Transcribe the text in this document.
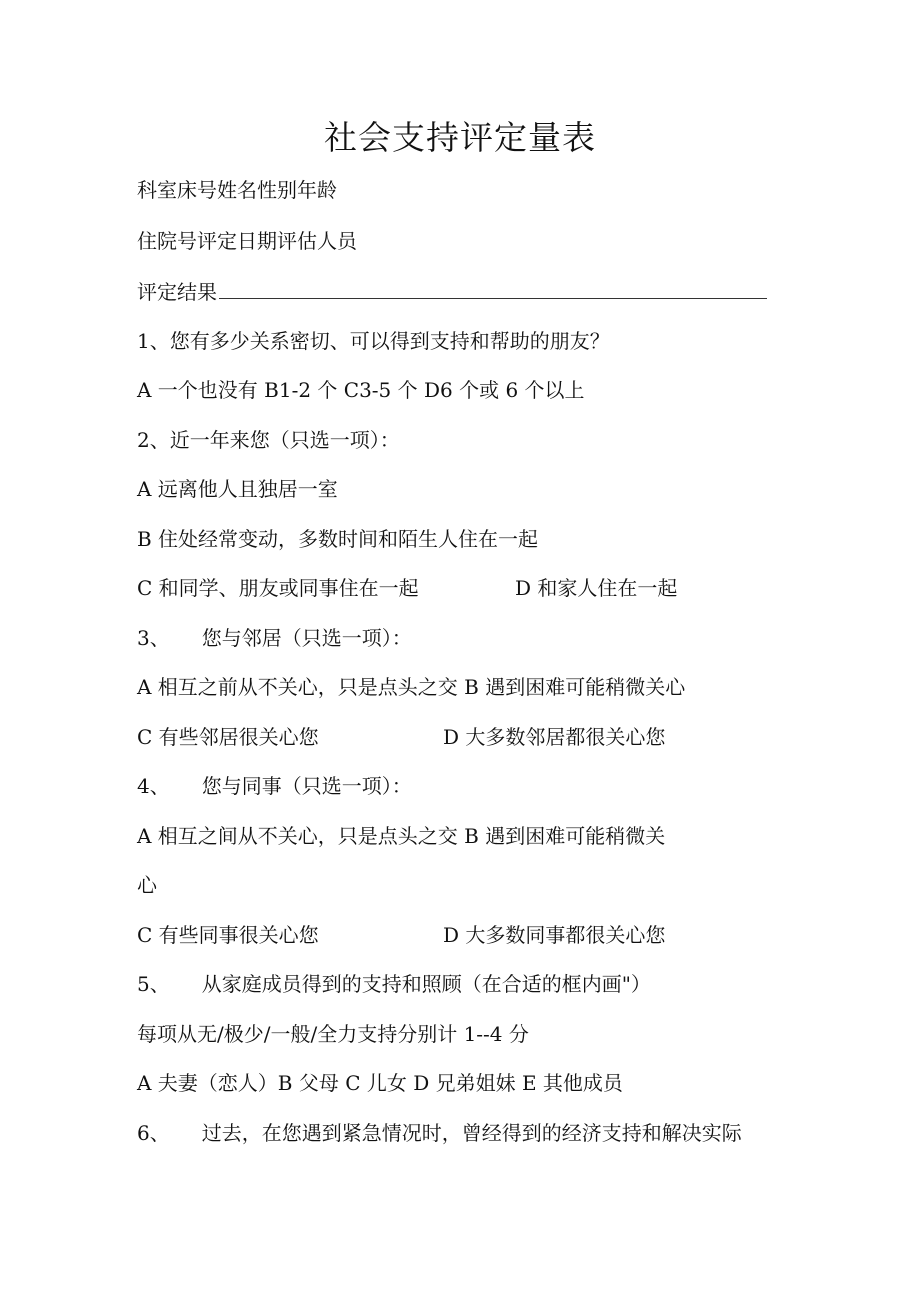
社会支持评定量表
科室床号姓名性别年龄
住院号评定日期评估人员
评定结果
1、您有多少关系密切、可以得到支持和帮助的朋友？
A 一个也没有 B1-2 个 C3-5 个 D6 个或 6 个以上
2、近一年来您（只选一项）：
A 远离他人且独居一室
B 住处经常变动，多数时间和陌生人住在一起
C 和同学、朋友或同事住在一起	D 和家人住在一起
3、 您与邻居（只选一项）：
A 相互之前从不关心，只是点头之交 B 遇到困难可能稍微关心
C 有些邻居很关心您	D 大多数邻居都很关心您
4、 您与同事（只选一项）：
A 相互之间从不关心，只是点头之交 B 遇到困难可能稍微关
心
C 有些同事很关心您	D 大多数同事都很关心您
5、 从家庭成员得到的支持和照顾（在合适的框内画"）
每项从无/极少/一般/全力支持分别计 1--4 分
A 夫妻（恋人）B 父母 C 儿女 D 兄弟姐妹 E 其他成员
6、 过去，在您遇到紧急情况时，曾经得到的经济支持和解决实际
